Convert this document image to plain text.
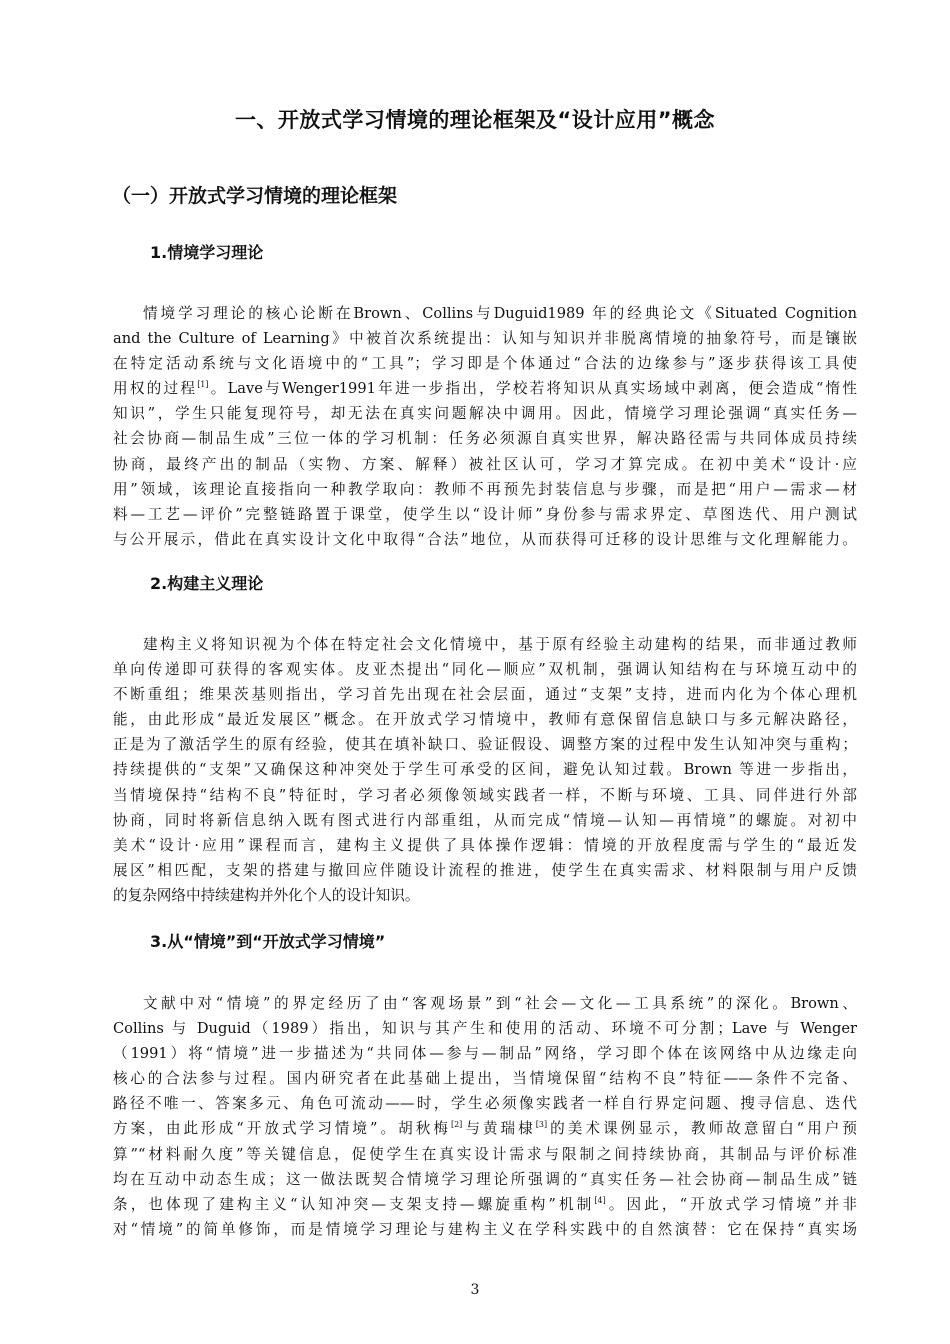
一、开放式学习情境的理论框架及“设计应用”概念
（一）开放式学习情境的理论框架
1.情境学习理论
情境学习理论的核心论断在Brown、Collins与Duguid1989 年的经典论文《Situated Cognition
and the Culture of Learning》中被首次系统提出：认知与知识并非脱离情境的抽象符号，而是镶嵌
在特定活动系统与文化语境中的“工具”；学习即是个体通过“合法的边缘参与”逐步获得该工具使
用权的过程[1]。Lave与Wenger1991年进一步指出，学校若将知识从真实场域中剥离，便会造成“惰性
知识”，学生只能复现符号，却无法在真实问题解决中调用。因此，情境学习理论强调“真实任务—
社会协商—制品生成”三位一体的学习机制：任务必须源自真实世界，解决路径需与共同体成员持续
协商，最终产出的制品（实物、方案、解释）被社区认可，学习才算完成。在初中美术“设计·应
用”领域，该理论直接指向一种教学取向：教师不再预先封装信息与步骤，而是把“用户—需求—材
料—工艺—评价”完整链路置于课堂，使学生以“设计师”身份参与需求界定、草图迭代、用户测试
与公开展示，借此在真实设计文化中取得“合法”地位，从而获得可迁移的设计思维与文化理解能力。
2.构建主义理论
建构主义将知识视为个体在特定社会文化情境中，基于原有经验主动建构的结果，而非通过教师
单向传递即可获得的客观实体。皮亚杰提出“同化—顺应”双机制，强调认知结构在与环境互动中的
不断重组；维果茨基则指出，学习首先出现在社会层面，通过“支架”支持，进而内化为个体心理机
能，由此形成“最近发展区”概念。在开放式学习情境中，教师有意保留信息缺口与多元解决路径，
正是为了激活学生的原有经验，使其在填补缺口、验证假设、调整方案的过程中发生认知冲突与重构；
持续提供的“支架”又确保这种冲突处于学生可承受的区间，避免认知过载。Brown 等进一步指出，
当情境保持“结构不良”特征时，学习者必须像领域实践者一样，不断与环境、工具、同伴进行外部
协商，同时将新信息纳入既有图式进行内部重组，从而完成“情境—认知—再情境”的螺旋。对初中
美术“设计·应用”课程而言，建构主义提供了具体操作逻辑：情境的开放程度需与学生的“最近发
展区”相匹配，支架的搭建与撤回应伴随设计流程的推进，使学生在真实需求、材料限制与用户反馈
的复杂网络中持续建构并外化个人的设计知识。
3.从“情境”到“开放式学习情境”
文献中对“情境”的界定经历了由“客观场景”到“社会—文化—工具系统”的深化。Brown、
Collins 与 Duguid（1989）指出，知识与其产生和使用的活动、环境不可分割；Lave 与 Wenger
（1991）将“情境”进一步描述为“共同体—参与—制品”网络，学习即个体在该网络中从边缘走向
核心的合法参与过程。国内研究者在此基础上提出，当情境保留“结构不良”特征——条件不完备、
路径不唯一、答案多元、角色可流动——时，学生必须像实践者一样自行界定问题、搜寻信息、迭代
方案，由此形成“开放式学习情境”。胡秋梅[2]与黄瑞棣[3]的美术课例显示，教师故意留白“用户预
算”“材料耐久度”等关键信息，促使学生在真实设计需求与限制之间持续协商，其制品与评价标准
均在互动中动态生成；这一做法既契合情境学习理论所强调的“真实任务—社会协商—制品生成”链
条，也体现了建构主义“认知冲突—支架支持—螺旋重构”机制[4]。因此，“开放式学习情境”并非
对“情境”的简单修饰，而是情境学习理论与建构主义在学科实践中的自然演替：它在保持“真实场
3
